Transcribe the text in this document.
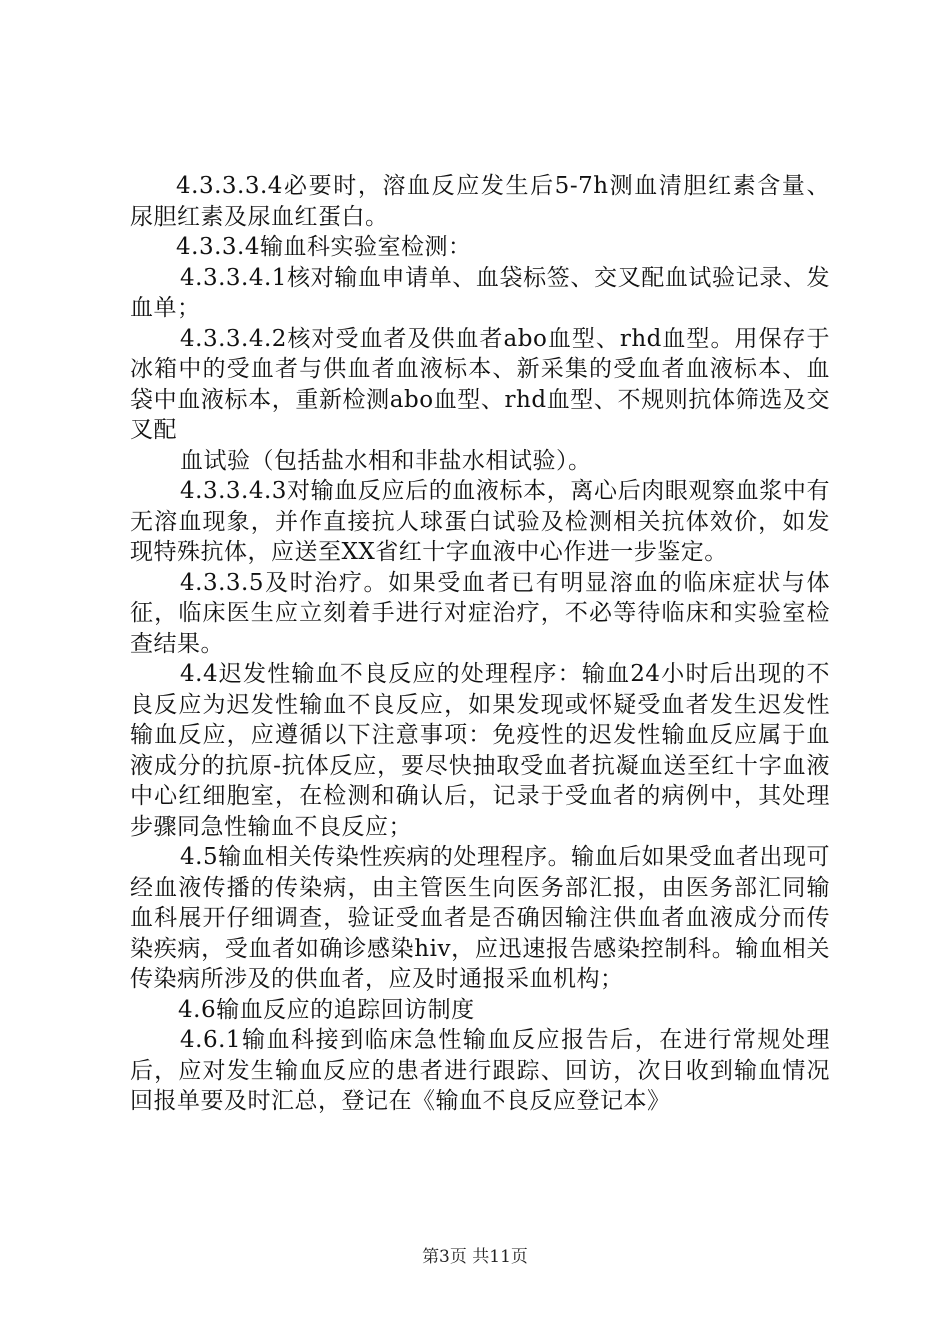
4.3.3.3.4必要时，溶血反应发生后5-7h测血清胆红素含量、尿胆红素及尿血红蛋白。

4.3.3.4输血科实验室检测：

4.3.3.4.1核对输血申请单、血袋标签、交叉配血试验记录、发血单；

4.3.3.4.2核对受血者及供血者abo血型、rhd血型。用保存于冰箱中的受血者与供血者血液标本、新采集的受血者血液标本、血袋中血液标本，重新检测abo血型、rhd血型、不规则抗体筛选及交叉配

血试验（包括盐水相和非盐水相试验）。

4.3.3.4.3对输血反应后的血液标本，离心后肉眼观察血浆中有无溶血现象，并作直接抗人球蛋白试验及检测相关抗体效价，如发现特殊抗体，应送至XX省红十字血液中心作进一步鉴定。

4.3.3.5及时治疗。如果受血者已有明显溶血的临床症状与体征，临床医生应立刻着手进行对症治疗，不必等待临床和实验室检查结果。

4.4迟发性输血不良反应的处理程序：输血24小时后出现的不良反应为迟发性输血不良反应，如果发现或怀疑受血者发生迟发性输血反应，应遵循以下注意事项：免疫性的迟发性输血反应属于血液成分的抗原-抗体反应，要尽快抽取受血者抗凝血送至红十字血液中心红细胞室，在检测和确认后，记录于受血者的病例中，其处理步骤同急性输血不良反应；

4.5输血相关传染性疾病的处理程序。输血后如果受血者出现可经血液传播的传染病，由主管医生向医务部汇报，由医务部汇同输血科展开仔细调查，验证受血者是否确因输注供血者血液成分而传染疾病，受血者如确诊感染hiv，应迅速报告感染控制科。输血相关传染病所涉及的供血者，应及时通报采血机构；

4.6输血反应的追踪回访制度

4.6.1输血科接到临床急性输血反应报告后，在进行常规处理后，应对发生输血反应的患者进行跟踪、回访，次日收到输血情况回报单要及时汇总，登记在《输血不良反应登记本》

第3页 共11页
